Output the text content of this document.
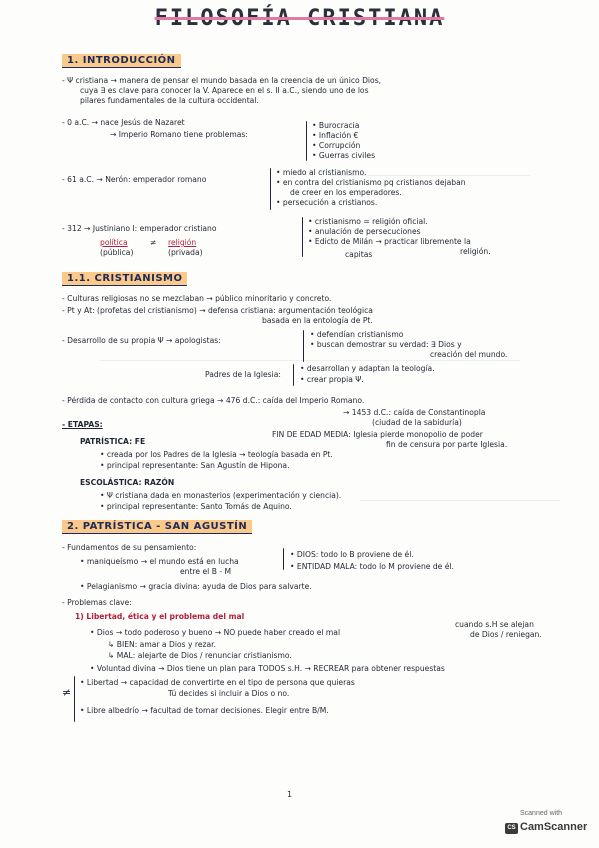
FILOSOFÍA CRISTIANA
1. INTRODUCCIÓN
- Ψ cristiana → manera de pensar el mundo basada en la creencia de un único Dios,
cuya ∃ es clave para conocer la V. Aparece en el s. II a.C., siendo uno de los
pilares fundamentales de la cultura occidental.
- 0 a.C. → nace Jesús de Nazaret
→ Imperio Romano tiene problemas:
• Burocracia
• Inflación €
• Corrupción
• Guerras civiles
- 61 a.C. → Nerón: emperador romano
• miedo al cristianismo.
• en contra del cristianismo pq cristianos dejaban
de creer en los emperadores.
• persecución a cristianos.
- 312 → Justiniano I: emperador cristiano
• cristianismo = religión oficial.
• anulación de persecuciones
• Edicto de Milán → practicar libremente la
religión.
capitas
política	≠ religión
(pública)	(privada)
1.1. CRISTIANISMO
- Culturas religiosas no se mezclaban → público minoritario y concreto.
- Pt y At: (profetas del cristianismo) → defensa cristiana: argumentación teológica
basada en la entología de Pt.
- Desarrollo de su propia Ψ → apologistas:
• defendían cristianismo
• buscan demostrar su verdad: ∃ Dios y
creación del mundo.
Padres de la Iglesia:
• desarrollan y adaptan la teología.
• crear propia Ψ.
- Pérdida de contacto con cultura griega → 476 d.C.: caída del Imperio Romano.
→ 1453 d.C.: caída de Constantinopla
(ciudad de la sabiduría)
- ETAPAS:
FIN DE EDAD MEDIA: Iglesia pierde monopolio de poder
fin de censura por parte Iglesia.
PATRÍSTICA: FE
• creada por los Padres de la Iglesia → teología basada en Pt.
• principal representante: San Agustín de Hipona.
ESCOLÁSTICA: RAZÓN
• Ψ cristiana dada en monasterios (experimentación y ciencia).
• principal representante: Santo Tomás de Aquino.
2. PATRÍSTICA - SAN AGUSTÍN
- Fundamentos de su pensamiento:
• maniqueísmo → el mundo está en lucha
entre el B - M
• DIOS: todo lo B proviene de él.
• ENTIDAD MALA: todo lo M proviene de él.
• Pelagianismo → gracia divina: ayuda de Dios para salvarte.
- Problemas clave:
1) Libertad, ética y el problema del mal
• Dios → todo poderoso y bueno → NO puede haber creado el mal
cuando s.H se alejan
de Dios / reniegan.
↳ BIEN: amar a Dios y rezar.
↳ MAL: alejarte de Dios / renunciar cristianismo.
• Voluntad divina → Dios tiene un plan para TODOS s.H. → RECREAR para obtener respuestas
≠
• Libertad → capacidad de convertirte en el tipo de persona que quieras
Tú decides si incluir a Dios o no.
• Libre albedrío → facultad de tomar decisiones. Elegir entre B/M.
1
Scanned with
CS CamScanner
